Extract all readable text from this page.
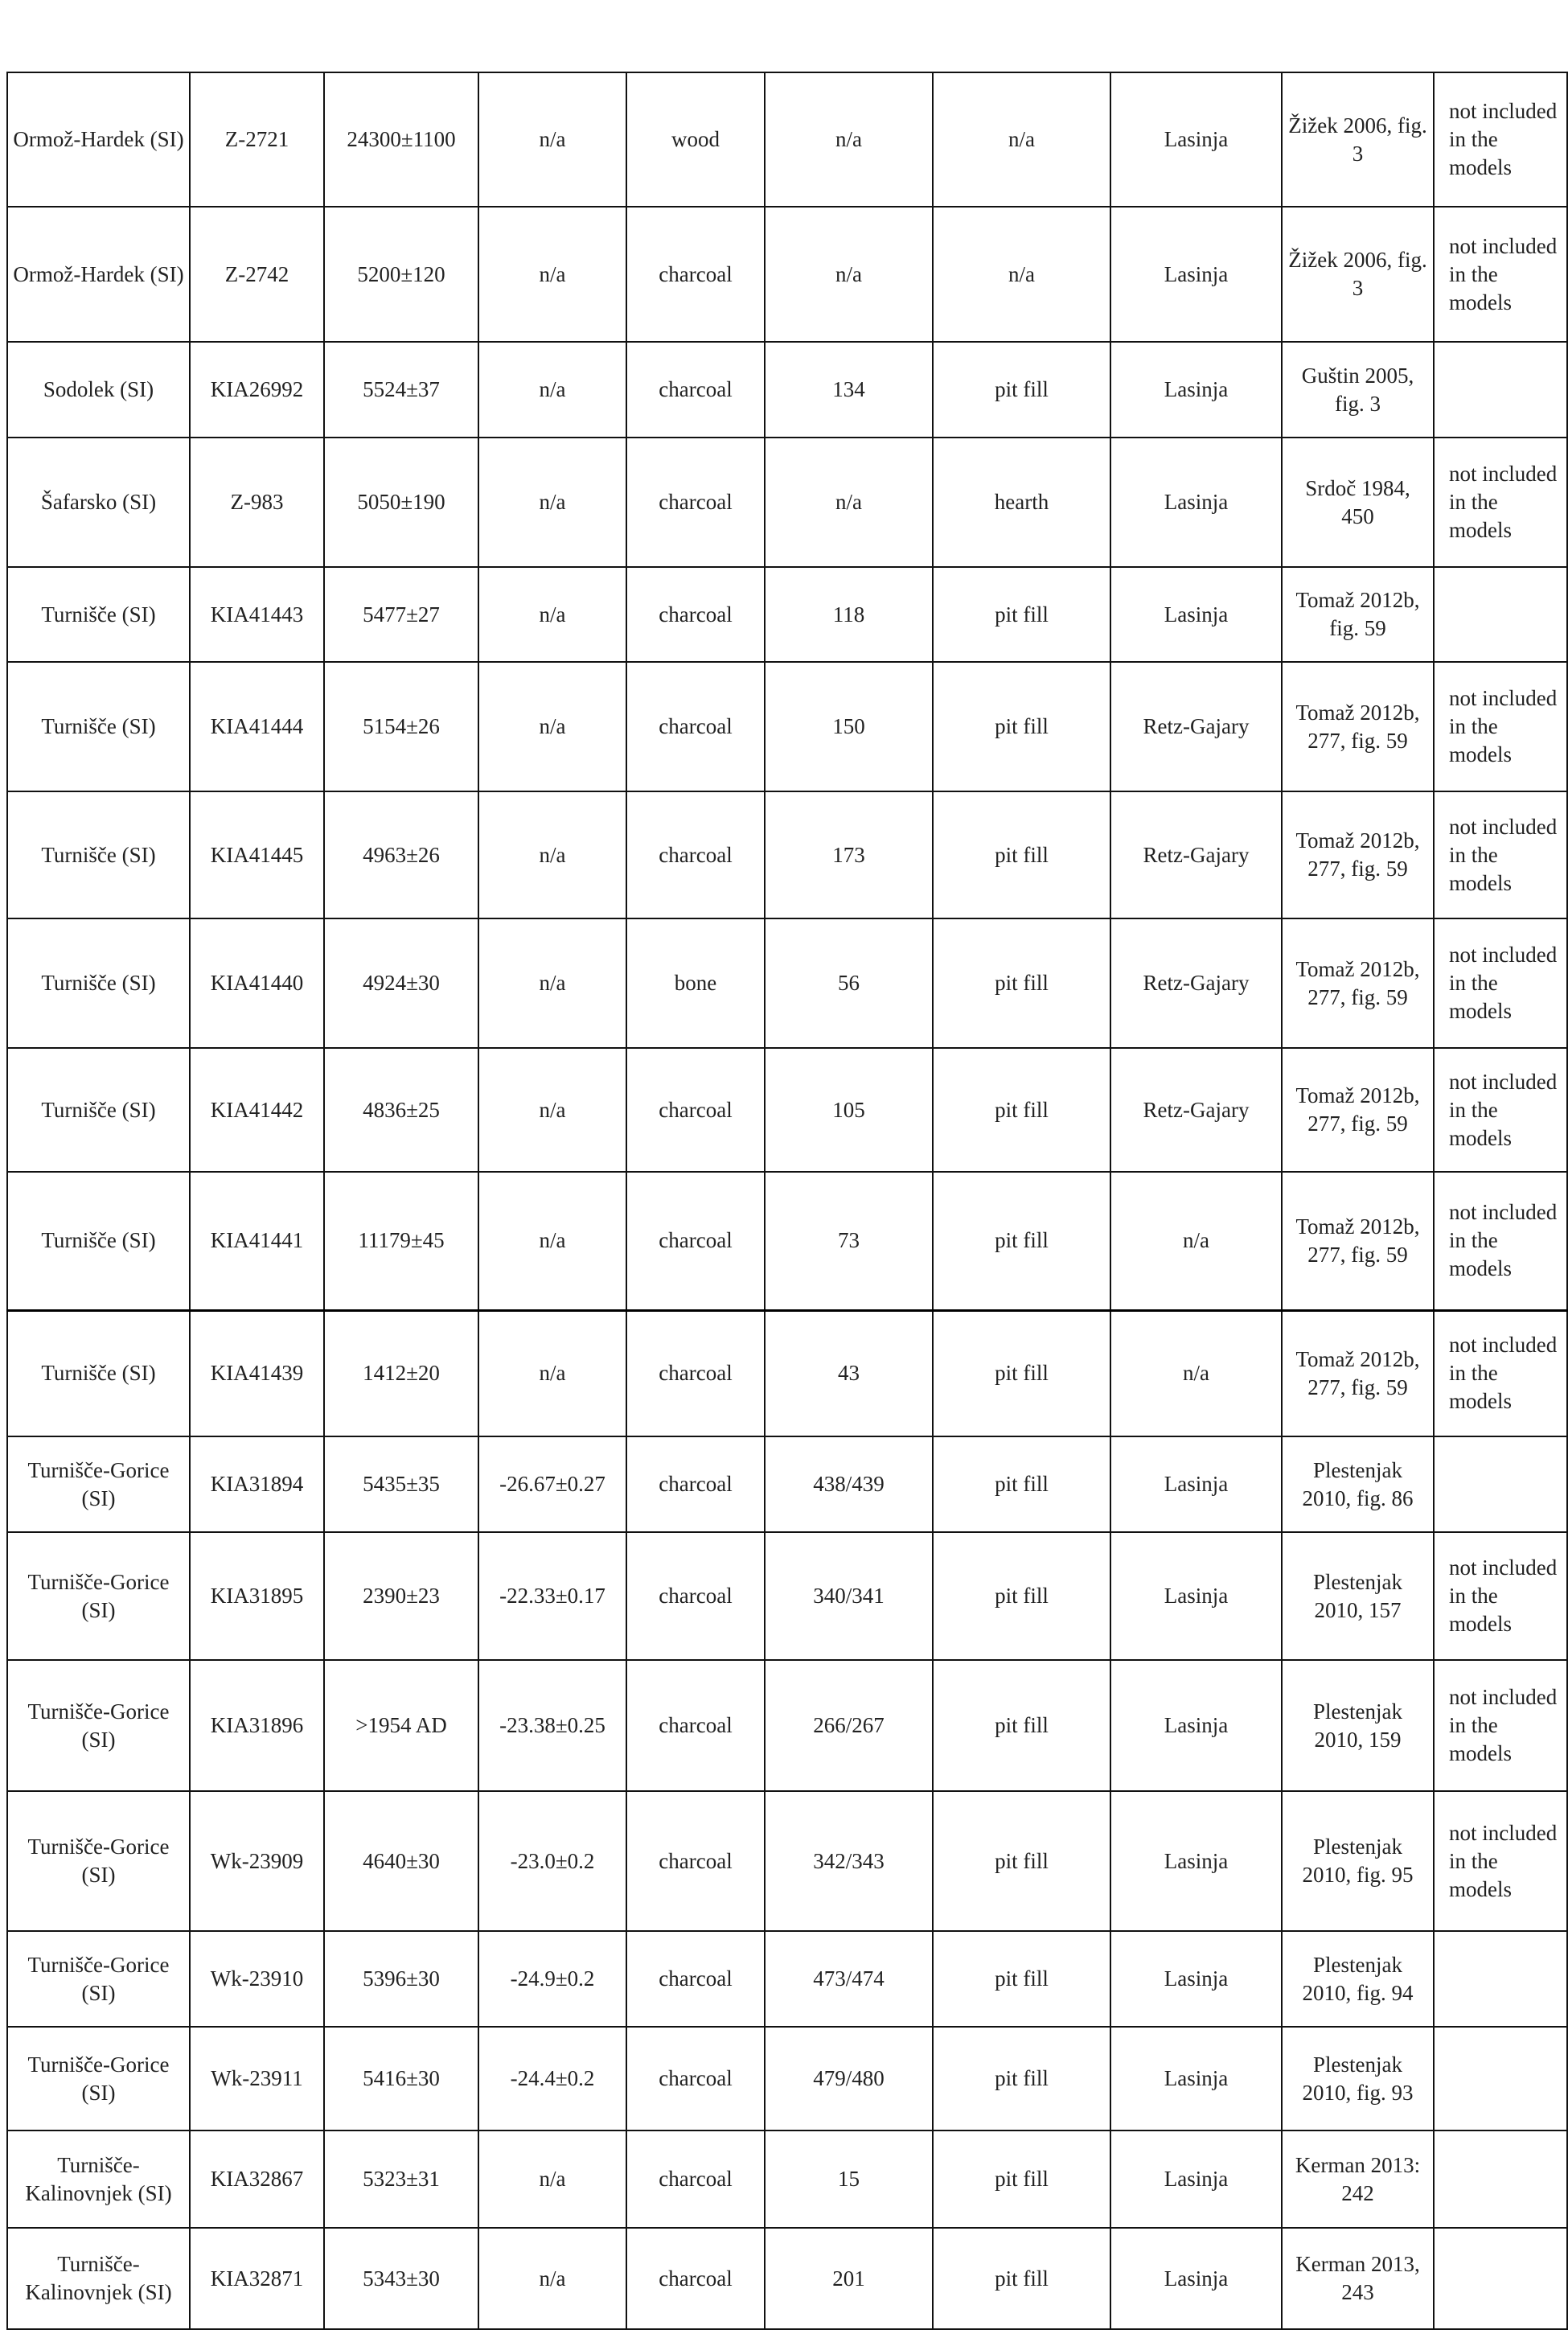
Ormož-Hardek (SI)	Z-2721	24300±1100	n/a	wood	n/a	n/a	Lasinja	Žižek 2006, fig. 3	not included in the models
Ormož-Hardek (SI)	Z-2742	5200±120	n/a	charcoal	n/a	n/a	Lasinja	Žižek 2006, fig. 3	not included in the models
Sodolek (SI)	KIA26992	5524±37	n/a	charcoal	134	pit fill	Lasinja	Guštin 2005, fig. 3	
Šafarsko (SI)	Z-983	5050±190	n/a	charcoal	n/a	hearth	Lasinja	Srdoč 1984, 450	not included in the models
Turnišče (SI)	KIA41443	5477±27	n/a	charcoal	118	pit fill	Lasinja	Tomaž 2012b, fig. 59	
Turnišče (SI)	KIA41444	5154±26	n/a	charcoal	150	pit fill	Retz-Gajary	Tomaž 2012b, 277, fig. 59	not included in the models
Turnišče (SI)	KIA41445	4963±26	n/a	charcoal	173	pit fill	Retz-Gajary	Tomaž 2012b, 277, fig. 59	not included in the models
Turnišče (SI)	KIA41440	4924±30	n/a	bone	56	pit fill	Retz-Gajary	Tomaž 2012b, 277, fig. 59	not included in the models
Turnišče (SI)	KIA41442	4836±25	n/a	charcoal	105	pit fill	Retz-Gajary	Tomaž 2012b, 277, fig. 59	not included in the models
Turnišče (SI)	KIA41441	11179±45	n/a	charcoal	73	pit fill	n/a	Tomaž 2012b, 277, fig. 59	not included in the models
Turnišče (SI)	KIA41439	1412±20	n/a	charcoal	43	pit fill	n/a	Tomaž 2012b, 277, fig. 59	not included in the models
Turnišče-Gorice (SI)	KIA31894	5435±35	-26.67±0.27	charcoal	438/439	pit fill	Lasinja	Plestenjak 2010, fig. 86	
Turnišče-Gorice (SI)	KIA31895	2390±23	-22.33±0.17	charcoal	340/341	pit fill	Lasinja	Plestenjak 2010, 157	not included in the models
Turnišče-Gorice (SI)	KIA31896	>1954 AD	-23.38±0.25	charcoal	266/267	pit fill	Lasinja	Plestenjak 2010, 159	not included in the models
Turnišče-Gorice (SI)	Wk-23909	4640±30	-23.0±0.2	charcoal	342/343	pit fill	Lasinja	Plestenjak 2010, fig. 95	not included in the models
Turnišče-Gorice (SI)	Wk-23910	5396±30	-24.9±0.2	charcoal	473/474	pit fill	Lasinja	Plestenjak 2010, fig. 94	
Turnišče-Gorice (SI)	Wk-23911	5416±30	-24.4±0.2	charcoal	479/480	pit fill	Lasinja	Plestenjak 2010, fig. 93	
Turnišče-Kalinovnjek (SI)	KIA32867	5323±31	n/a	charcoal	15	pit fill	Lasinja	Kerman 2013: 242	
Turnišče-Kalinovnjek (SI)	KIA32871	5343±30	n/a	charcoal	201	pit fill	Lasinja	Kerman 2013, 243	
